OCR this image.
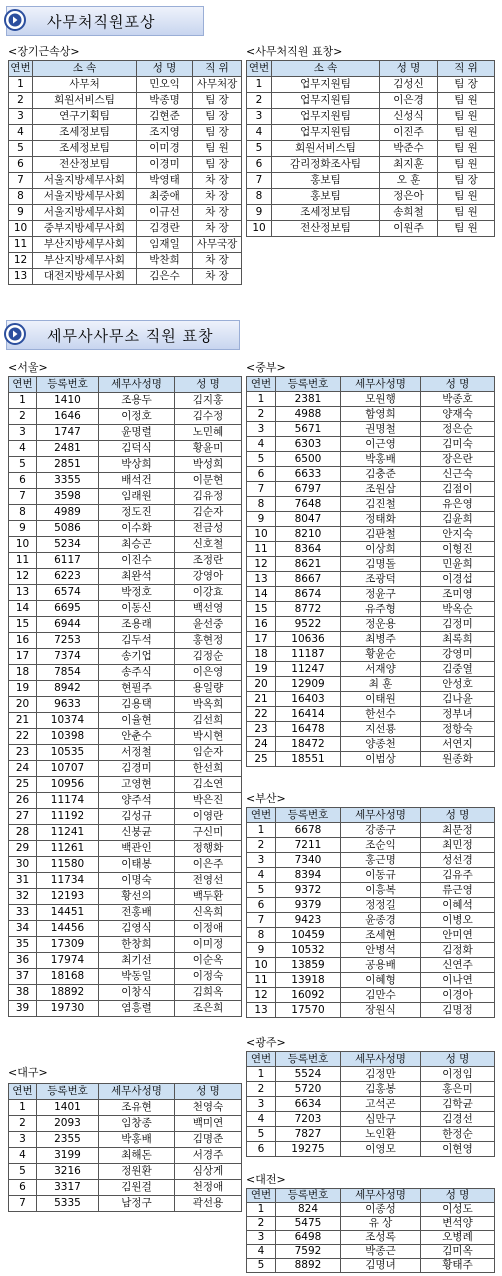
사무처직원포상
<장기근속상>	<사무처직원 표창>
연번	소 속	성 명	직 위
1	사무처	민오익	사무처장
2	회원서비스팀	박종명	팀 장
3	연구기획팀	김현준	팀 장
4	조세정보팀	조지영	팀 장
5	조세정보팀	이미경	팀 원
6	전산정보팀	이경미	팀 장
7	서울지방세무사회	박영태	차 장
8	서울지방세무사회	최중애	차 장
9	서울지방세무사회	이규선	차 장
10	중부지방세무사회	김경란	차 장
11	부산지방세무사회	임재일	사무국장
12	부산지방세무사회	박찬희	차 장
13	대전지방세무사회	김은수	차 장
연번	소 속	성 명	직 위
1	업무지원팀	김성신	팀 장
2	업무지원팀	이은경	팀 원
3	업무지원팀	신성식	팀 원
4	업무지원팀	이진주	팀 원
5	회원서비스팀	박준수	팀 원
6	감리정화조사팀	최지훈	팀 원
7	홍보팀	오 훈	팀 장
8	홍보팀	정은아	팀 원
9	조세정보팀	송희철	팀 원
10	전산정보팀	이원주	팀 원
세무사사무소 직원 표창
<서울>
연번	등록번호	세무사성명	성 명
1	1410	조용두	김지홍
2	1646	이정호	김수정
3	1747	윤명렬	노민혜
4	2481	김덕식	황윤미
5	2851	박상희	박성희
6	3355	배석건	이문현
7	3598	임래원	김유정
8	4989	정도진	김순자
9	5086	이수화	전금성
10	5234	최승곤	신호철
11	6117	이진수	조정란
12	6223	최완석	강영아
13	6574	박정호	이강효
14	6695	이동신	백선영
15	6944	조용래	윤선중
16	7253	김두석	홍현정
17	7374	송기업	김정순
18	7854	송주식	이은영
19	8942	현필주	용일량
20	9633	김용택	박옥희
21	10374	이율현	김선희
22	10398	안춘수	박시현
23	10535	서정철	임순자
24	10707	김경미	한선희
25	10956	고영현	김소연
26	11174	양주석	박은진
27	11192	김성규	이영란
28	11241	신붕균	구신미
29	11261	백관인	정행화
30	11580	이태봉	이은주
31	11734	이명숙	전영선
32	12193	황선의	백두환
33	14451	전홍배	신옥희
34	14456	김영식	이정애
35	17309	한창희	이미정
36	17974	최기선	이순옥
37	18168	박동일	이정숙
38	18892	이창식	김희옥
39	19730	염흥렬	조은희
<중부>
연번	등록번호	세무사성명	성 명
1	2381	모원행	박종호
2	4988	함영희	양재숙
3	5671	권명철	정은순
4	6303	이근영	김미숙
5	6500	박홍배	장은란
6	6633	김충준	신근숙
7	6797	조원삼	김점이
8	7648	김진철	유은영
9	8047	정태화	김윤희
10	8210	김판철	안지숙
11	8364	이상희	이형진
12	8621	김명돌	민윤희
13	8667	조광덕	이경섭
14	8674	정윤구	조미영
15	8772	유주형	박옥순
16	9522	정운용	김정미
17	10636	최병주	최록희
18	11187	황윤순	강영미
19	11247	서재양	김중열
20	12909	최 훈	안성호
21	16403	이태원	김나윤
22	16414	한선수	정부녀
23	16478	지선룡	정항숙
24	18472	양종천	서연지
25	18551	이범상	원종화
<부산>
연번	등록번호	세무사성명	성 명
1	6678	강종구	최문정
2	7211	조순익	최민정
3	7340	홍근명	성선경
4	8394	이동규	김유주
5	9372	이흥복	류근영
6	9379	정정길	이혜석
7	9423	윤종경	이병오
8	10459	조세현	안미연
9	10532	안병석	김정화
10	13859	공용배	신연주
11	13918	이혜형	이나연
12	16092	김만수	이경아
13	17570	장원식	김명정
<광주>
연번	등록번호	세무사성명	성 명
1	5524	김정만	이정임
2	5720	김홍봉	홍은미
3	6634	고석곤	김학균
4	7203	심만구	김경선
5	7827	노인환	한정순
6	19275	이영모	이현영
<대구>
연번	등록번호	세무사성명	성 명
1	1401	조유현	천영숙
2	2093	임창종	백미연
3	2355	박홍배	김명준
4	3199	최해돈	서경주
5	3216	정원환	심상게
6	3317	김원걸	천정애
7	5335	남정구	곽선용
<대전>
연번	등록번호	세무사성명	성 명
1	824	이종성	이성도
2	5475	유 상	변석양
3	6498	조성록	오병례
4	7592	박종근	김미옥
5	8892	김명녀	황태주
